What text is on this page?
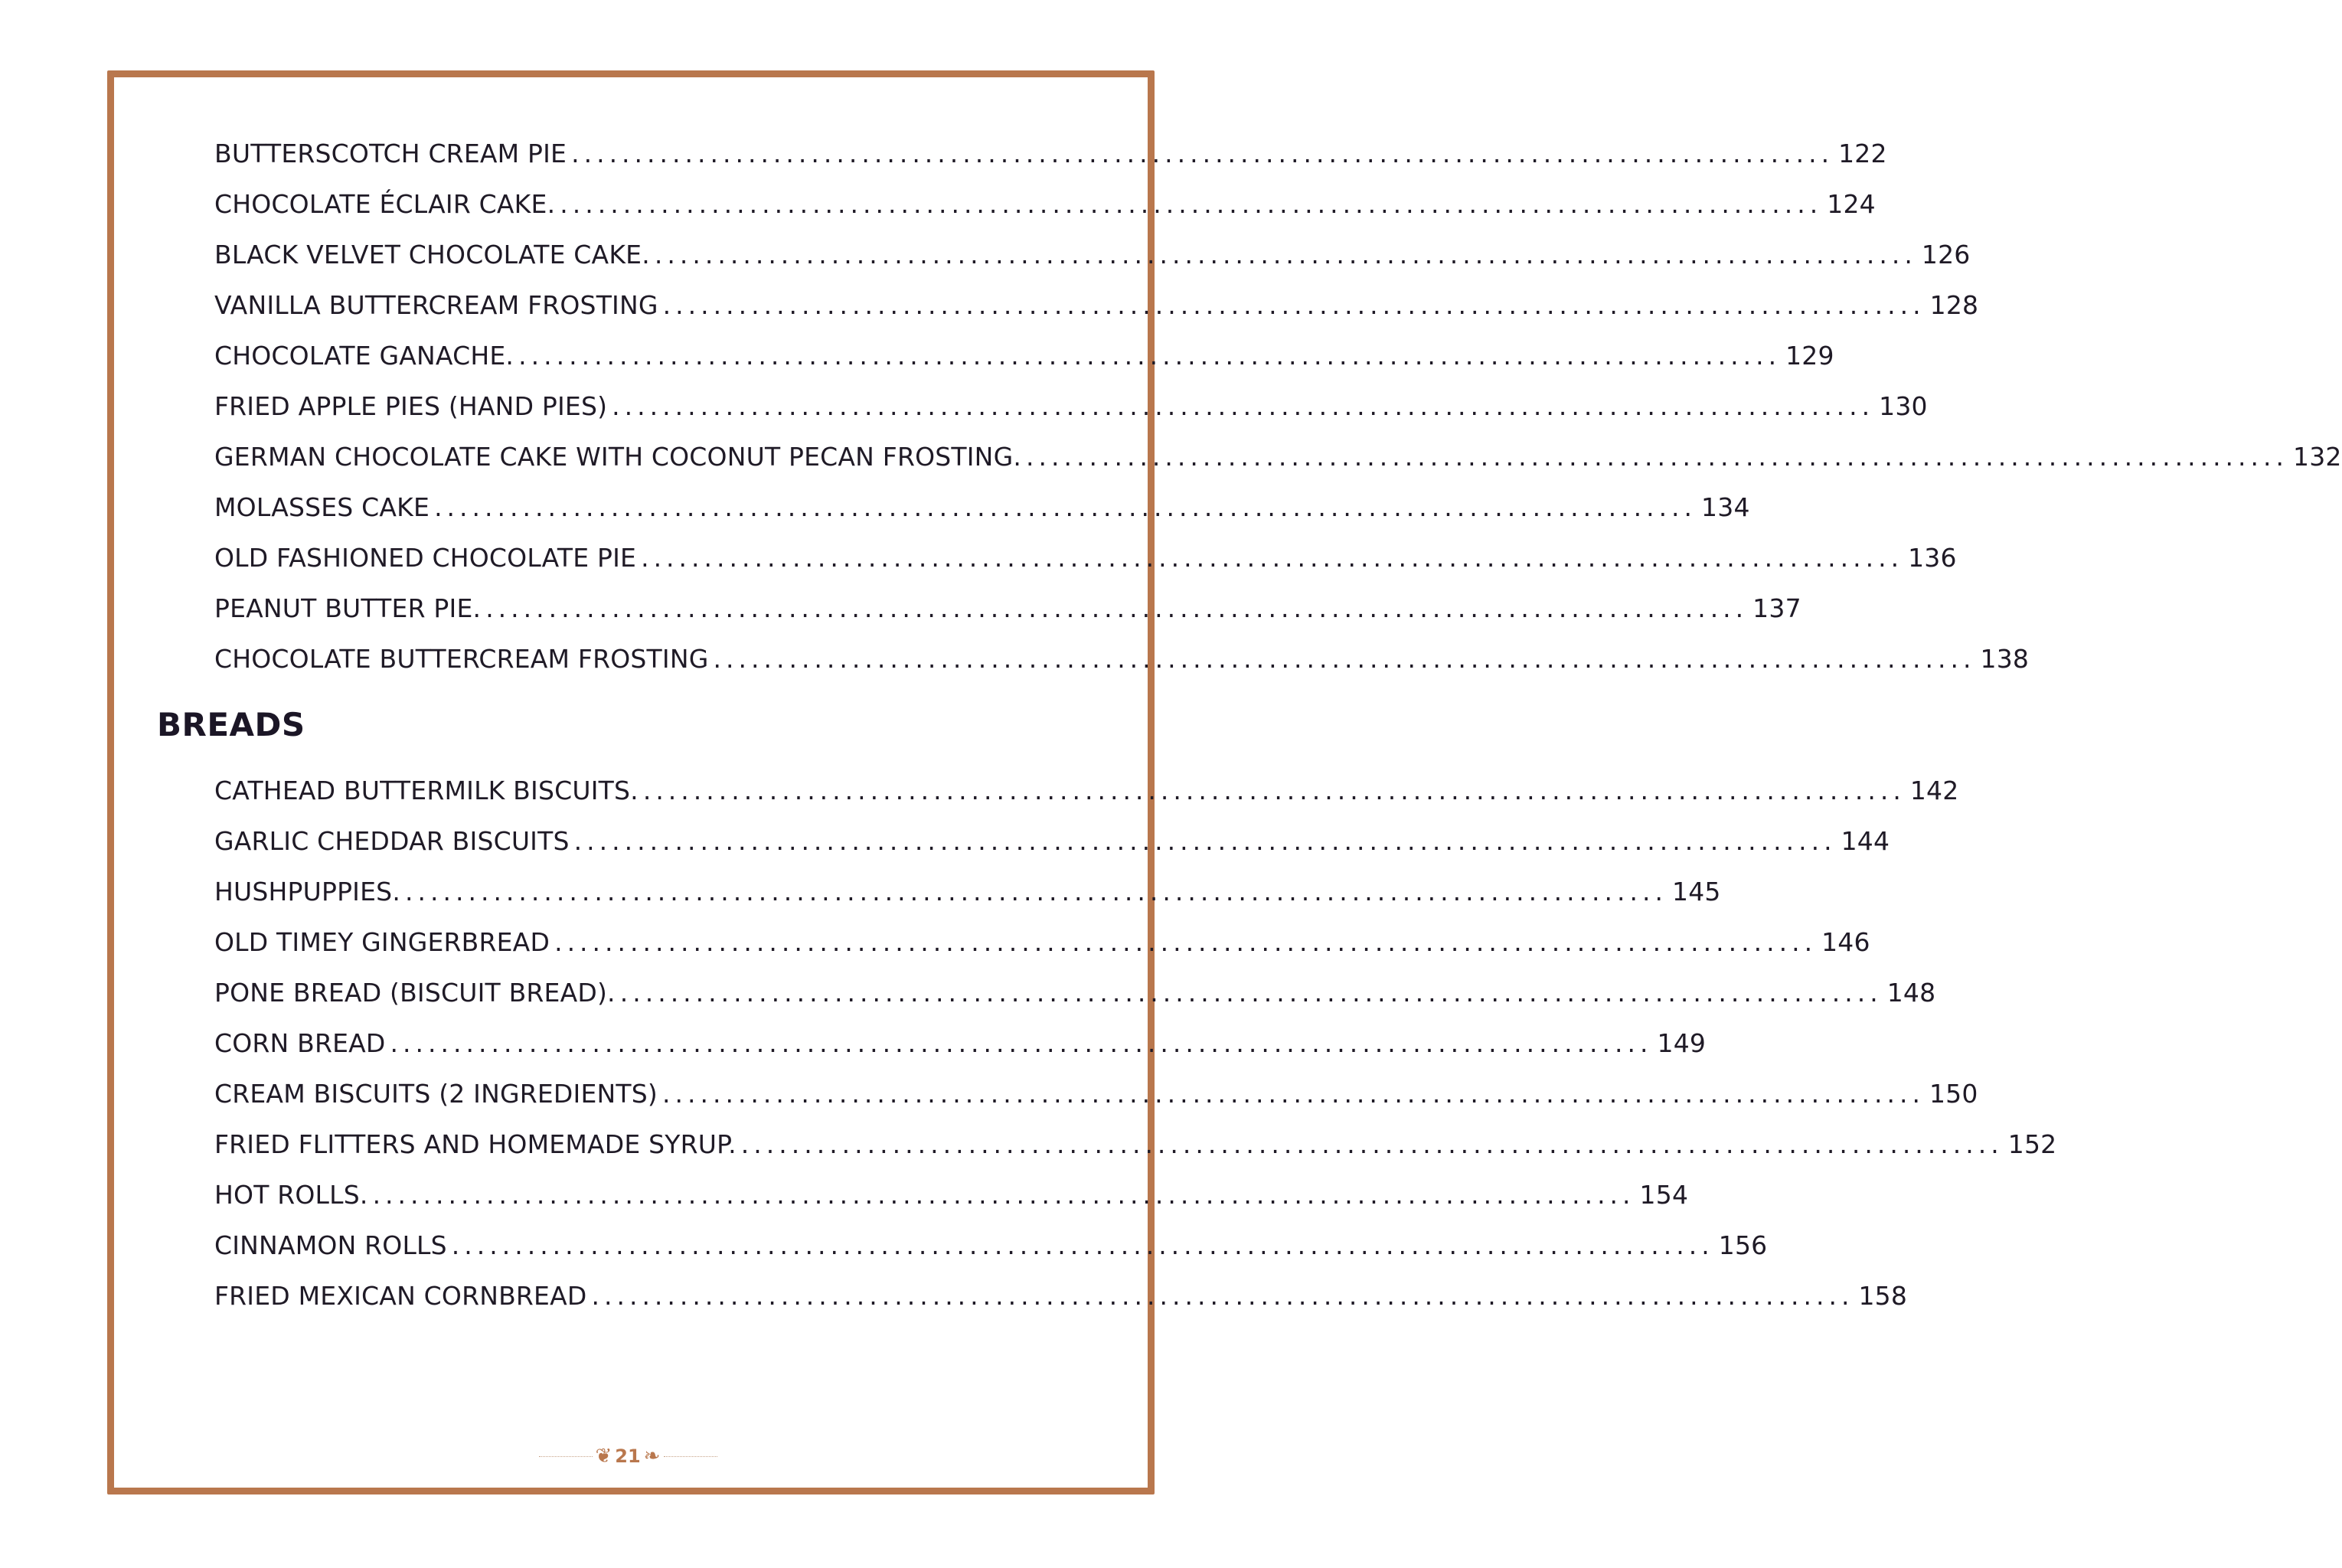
BUTTERSCOTCH CREAM PIE .................................................................................................... 122
CHOCOLATE ÉCLAIR CAKE. .................................................................................................... 124
BLACK VELVET CHOCOLATE CAKE. .................................................................................................... 126
VANILLA BUTTERCREAM FROSTING .................................................................................................... 128
CHOCOLATE GANACHE. .................................................................................................... 129
FRIED APPLE PIES (HAND PIES) .................................................................................................... 130
GERMAN CHOCOLATE CAKE WITH COCONUT PECAN FROSTING. .................................................................................................... 132
MOLASSES CAKE .................................................................................................... 134
OLD FASHIONED CHOCOLATE PIE .................................................................................................... 136
PEANUT BUTTER PIE. .................................................................................................... 137
CHOCOLATE BUTTERCREAM FROSTING .................................................................................................... 138
BREADS
CATHEAD BUTTERMILK BISCUITS. .................................................................................................... 142
GARLIC CHEDDAR BISCUITS .................................................................................................... 144
HUSHPUPPIES. .................................................................................................... 145
OLD TIMEY GINGERBREAD .................................................................................................... 146
PONE BREAD (BISCUIT BREAD). .................................................................................................... 148
CORN BREAD .................................................................................................... 149
CREAM BISCUITS (2 INGREDIENTS) .................................................................................................... 150
FRIED FLITTERS AND HOMEMADE SYRUP. .................................................................................................... 152
HOT ROLLS. .................................................................................................... 154
CINNAMON ROLLS .................................................................................................... 156
FRIED MEXICAN CORNBREAD .................................................................................................... 158
❦ 21 ❧
